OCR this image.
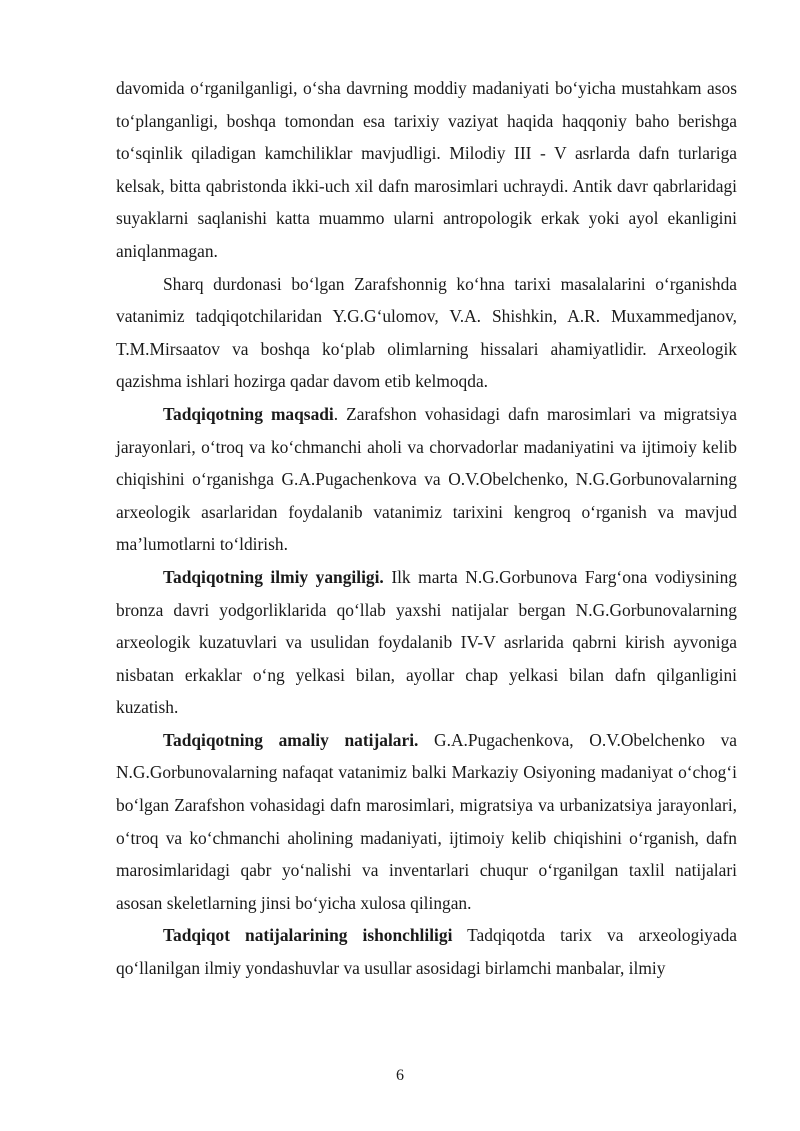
davomida o‘rganilganligi, o‘sha davrning moddiy madaniyati bo‘yicha mustahkam asos to‘planganligi, boshqa tomondan esa tarixiy vaziyat haqida haqqoniy baho berishga to‘sqinlik qiladigan kamchiliklar mavjudligi. Milodiy III - V asrlarda dafn turlariga kelsak, bitta qabristonda ikki-uch xil dafn marosimlari uchraydi. Antik davr qabrlaridagi suyaklarni saqlanishi katta muammo ularni antropologik erkak yoki ayol ekanligini aniqlanmagan.

Sharq durdonasi bo‘lgan Zarafshonnig ko‘hna tarixi masalalarini o‘rganishda vatanimiz tadqiqotchilaridan Y.G.G‘ulomov, V.A. Shishkin, A.R. Muxammedjanov, T.M.Mirsaatov va boshqa ko‘plab olimlarning hissalari ahamiyatlidir. Arxeologik qazishma ishlari hozirga qadar davom etib kelmoqda.

Tadqiqotning maqsadi. Zarafshon vohasidagi dafn marosimlari va migratsiya jarayonlari, o‘troq va ko‘chmanchi aholi va chorvadorlar madaniyatini va ijtimoiy kelib chiqishini o‘rganishga G.A.Pugachenkova va O.V.Obelchenko, N.G.Gorbunovalarning arxeologik asarlaridan foydalanib vatanimiz tarixini kengroq o‘rganish va mavjud ma’lumotlarni to‘ldirish.

Tadqiqotning ilmiy yangiligi. Ilk marta N.G.Gorbunova Farg‘ona vodiysining bronza davri yodgorliklarida qo‘llab yaxshi natijalar bergan N.G.Gorbunovalarning arxeologik kuzatuvlari va usulidan foydalanib IV-V asrlarida qabrni kirish ayvoniga nisbatan erkaklar o‘ng yelkasi bilan, ayollar chap yelkasi bilan dafn qilganligini kuzatish.

Tadqiqotning amaliy natijalari. G.A.Pugachenkova, O.V.Obelchenko va N.G.Gorbunovalarning nafaqat vatanimiz balki Markaziy Osiyoning madaniyat o‘chog‘i bo‘lgan Zarafshon vohasidagi dafn marosimlari, migratsiya va urbanizatsiya jarayonlari, o‘troq va ko‘chmanchi aholining madaniyati, ijtimoiy kelib chiqishini o‘rganish, dafn marosimlaridagi qabr yo‘nalishi va inventarlari chuqur o‘rganilgan taxlil natijalari asosan skeletlarning jinsi bo‘yicha xulosa qilingan.

Tadqiqot natijalarining ishonchliligi Tadqiqotda tarix va arxeologiyada qo‘llanilgan ilmiy yondashuvlar va usullar asosidagi birlamchi manbalar, ilmiy

6
